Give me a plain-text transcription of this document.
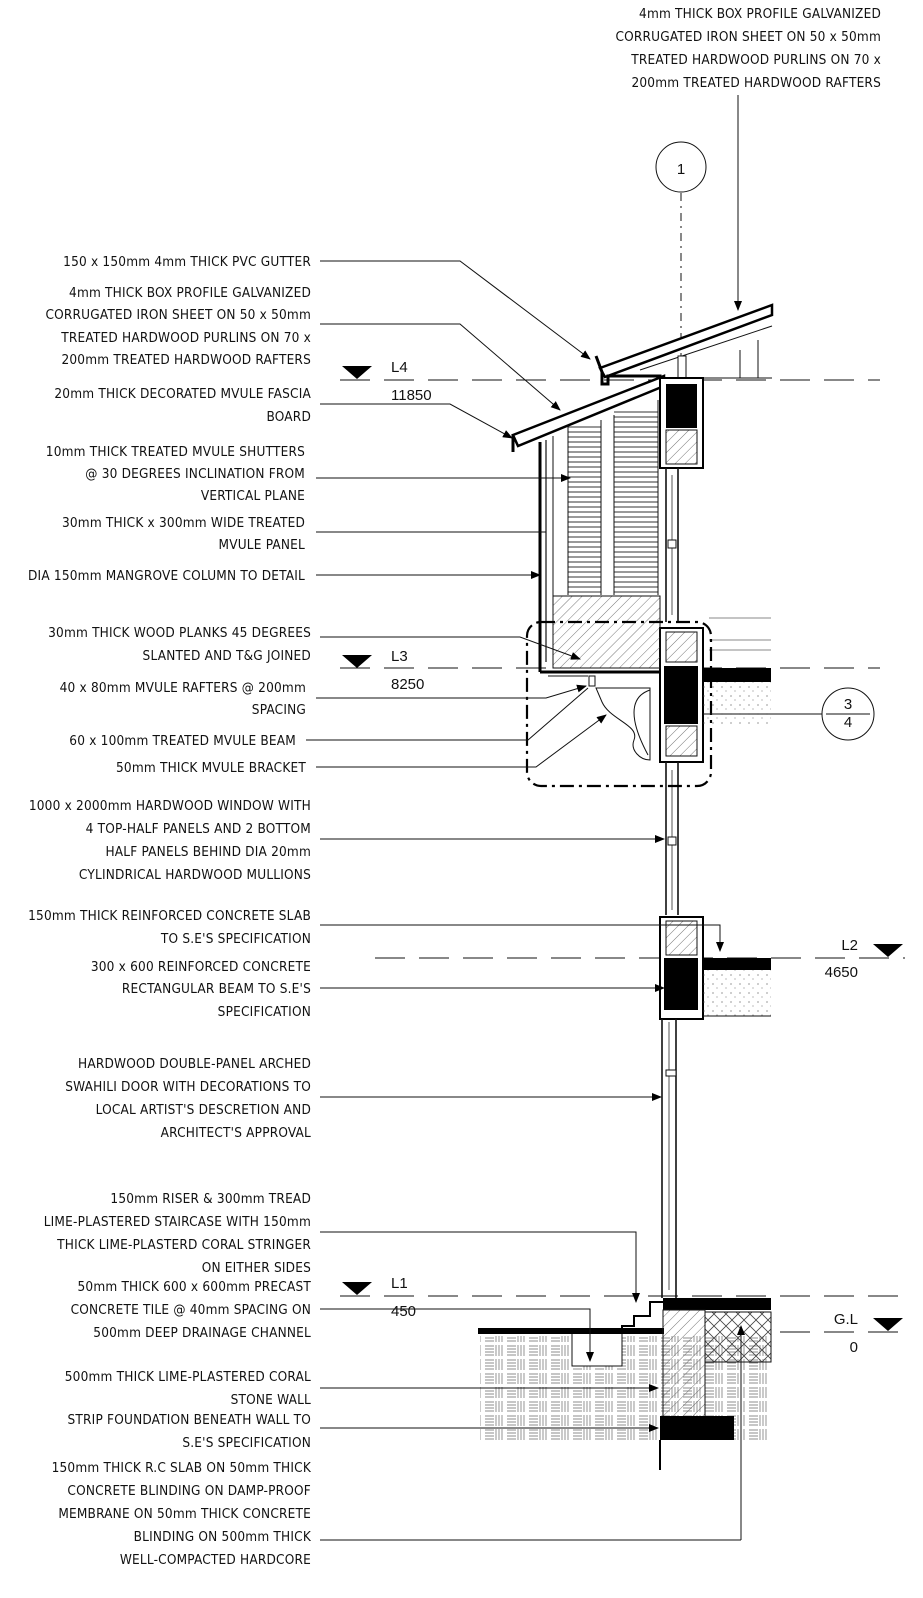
4mm THICK BOX PROFILE GALVANIZED
CORRUGATED IRON SHEET ON 50 x 50mm
TREATED HARDWOOD PURLINS ON 70 x
200mm TREATED HARDWOOD RAFTERS
1
L4
11850
L3
8250
L2
4650
L1
450	G.L
0
3
4
150 x 150mm 4mm THICK PVC GUTTER
4mm THICK BOX PROFILE GALVANIZED
CORRUGATED IRON SHEET ON 50 x 50mm
TREATED HARDWOOD PURLINS ON 70 x
200mm TREATED HARDWOOD RAFTERS
20mm THICK DECORATED MVULE FASCIA
BOARD
10mm THICK TREATED MVULE SHUTTERS
@ 30 DEGREES INCLINATION FROM
VERTICAL PLANE
30mm THICK x 300mm WIDE TREATED
MVULE PANEL
DIA 150mm MANGROVE COLUMN TO DETAIL
30mm THICK WOOD PLANKS 45 DEGREES
SLANTED AND T&G JOINED
40 x 80mm MVULE RAFTERS @ 200mm
SPACING
60 x 100mm TREATED MVULE BEAM
50mm THICK MVULE BRACKET
1000 x 2000mm HARDWOOD WINDOW WITH
4 TOP-HALF PANELS AND 2 BOTTOM
HALF PANELS BEHIND DIA 20mm
CYLINDRICAL HARDWOOD MULLIONS
150mm THICK REINFORCED CONCRETE SLAB
TO S.E'S SPECIFICATION
300 x 600 REINFORCED CONCRETE
RECTANGULAR BEAM TO S.E'S
SPECIFICATION
HARDWOOD DOUBLE-PANEL ARCHED
SWAHILI DOOR WITH DECORATIONS TO
LOCAL ARTIST'S DESCRETION AND
ARCHITECT'S APPROVAL
150mm RISER & 300mm TREAD
LIME-PLASTERED STAIRCASE WITH 150mm
THICK LIME-PLASTERD CORAL STRINGER
ON EITHER SIDES
50mm THICK 600 x 600mm PRECAST
CONCRETE TILE @ 40mm SPACING ON
500mm DEEP DRAINAGE CHANNEL
500mm THICK LIME-PLASTERED CORAL
STONE WALL
STRIP FOUNDATION BENEATH WALL TO
S.E'S SPECIFICATION
150mm THICK R.C SLAB ON 50mm THICK
CONCRETE BLINDING ON DAMP-PROOF
MEMBRANE ON 50mm THICK CONCRETE
BLINDING ON 500mm THICK
WELL-COMPACTED HARDCORE
